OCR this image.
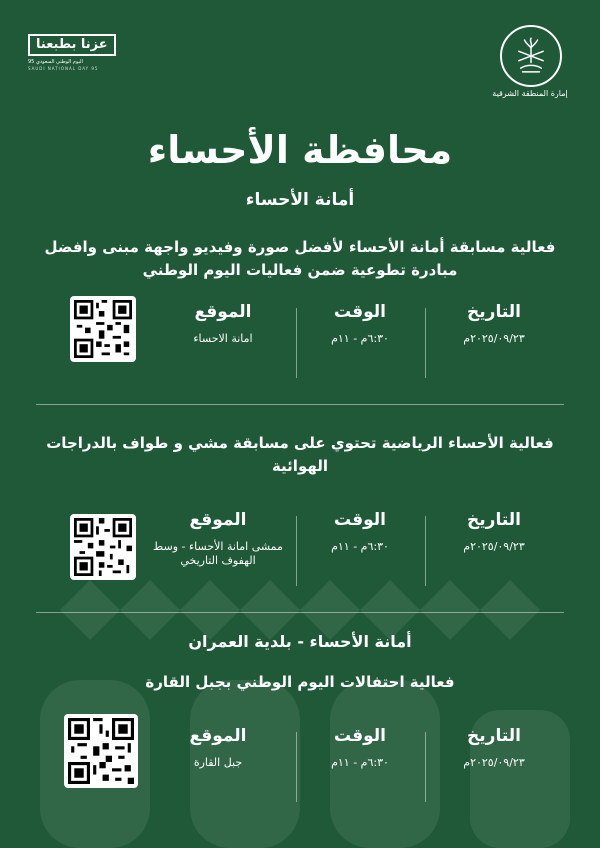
عزنا بطبعنا
اليوم الوطني السعودي 95
SAUDI NATIONAL DAY 95
إمارة المنطقة الشرقية
محافظة الأحساء
أمانة الأحساء
فعالية مسابقة أمانة الأحساء لأفضل صورة وفيديو واجهة مبنى وافضل مبادرة تطوعية ضمن فعاليات اليوم الوطني
التاريخ
٢٠٢٥/٠٩/٢٣م
الوقت
٦:٣٠م - ١١م
الموقع
امانة الاحساء
فعالية الأحساء الرياضية تحتوي على مسابقة مشي و طواف بالدراجات الهوائية
التاريخ
٢٠٢٥/٠٩/٢٣م
الوقت
٦:٣٠م - ١١م
الموقع
ممشى امانة الأحساء - وسط الهفوف التاريخي
أمانة الأحساء - بلدية العمران
فعالية احتفالات اليوم الوطني بجبل القارة
التاريخ
٢٠٢٥/٠٩/٢٣م
الوقت
٦:٣٠م - ١١م
الموقع
جبل القارة
